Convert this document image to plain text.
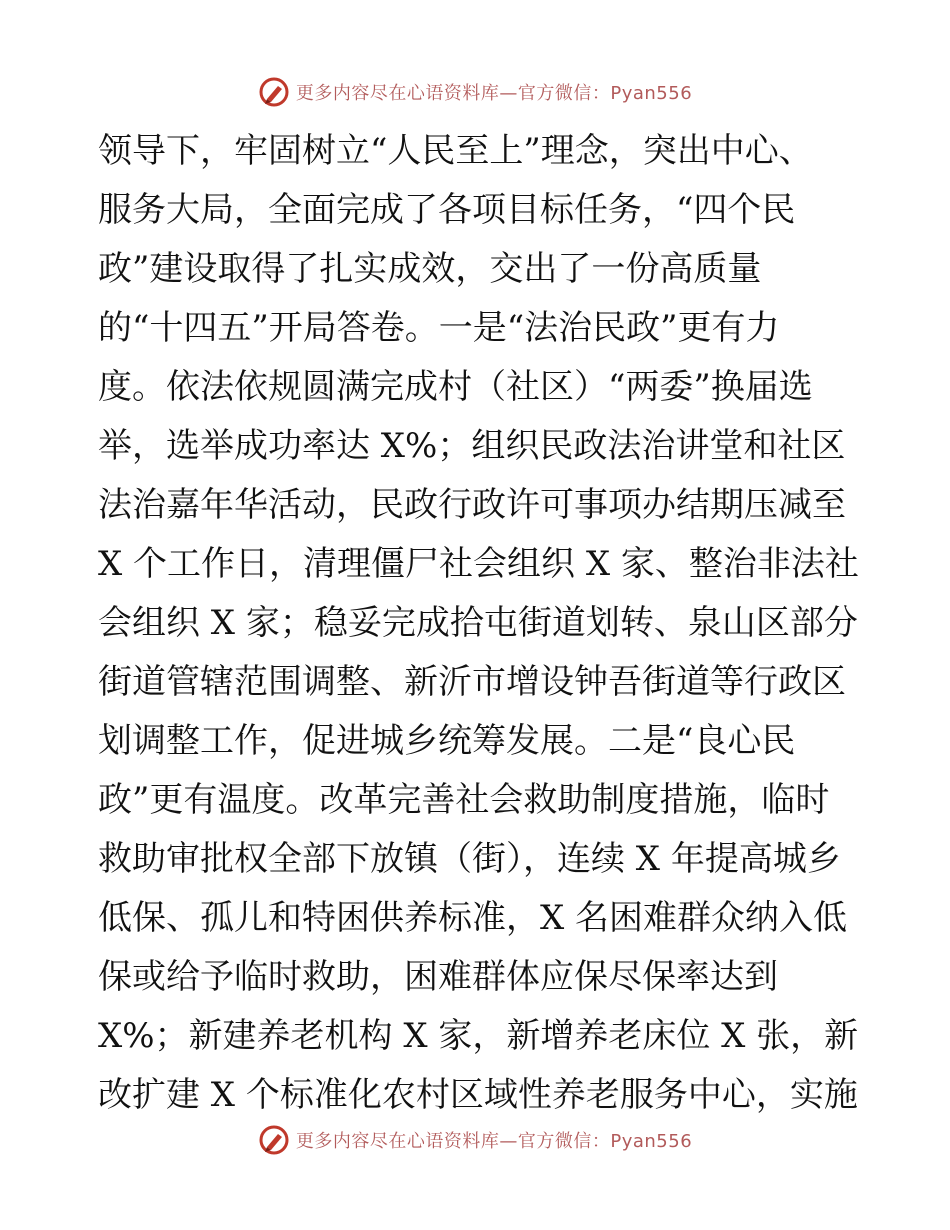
更多内容尽在心语资料库—官方微信：Pyan556
领导下，牢固树立“人民至上”理念，突出中心、
服务大局，全面完成了各项目标任务，“四个民
政”建设取得了扎实成效，交出了一份高质量
的“十四五”开局答卷。一是“法治民政”更有力
度。依法依规圆满完成村（社区）“两委”换届选
举，选举成功率达 X%；组织民政法治讲堂和社区
法治嘉年华活动，民政行政许可事项办结期压减至
X 个工作日，清理僵尸社会组织 X 家、整治非法社
会组织 X 家；稳妥完成拾屯街道划转、泉山区部分
街道管辖范围调整、新沂市增设钟吾街道等行政区
划调整工作，促进城乡统筹发展。二是“良心民
政”更有温度。改革完善社会救助制度措施，临时
救助审批权全部下放镇（街），连续 X 年提高城乡
低保、孤儿和特困供养标准，X 名困难群众纳入低
保或给予临时救助，困难群体应保尽保率达到
X%；新建养老机构 X 家，新增养老床位 X 张，新
改扩建 X 个标准化农村区域性养老服务中心，实施
更多内容尽在心语资料库—官方微信：Pyan556
